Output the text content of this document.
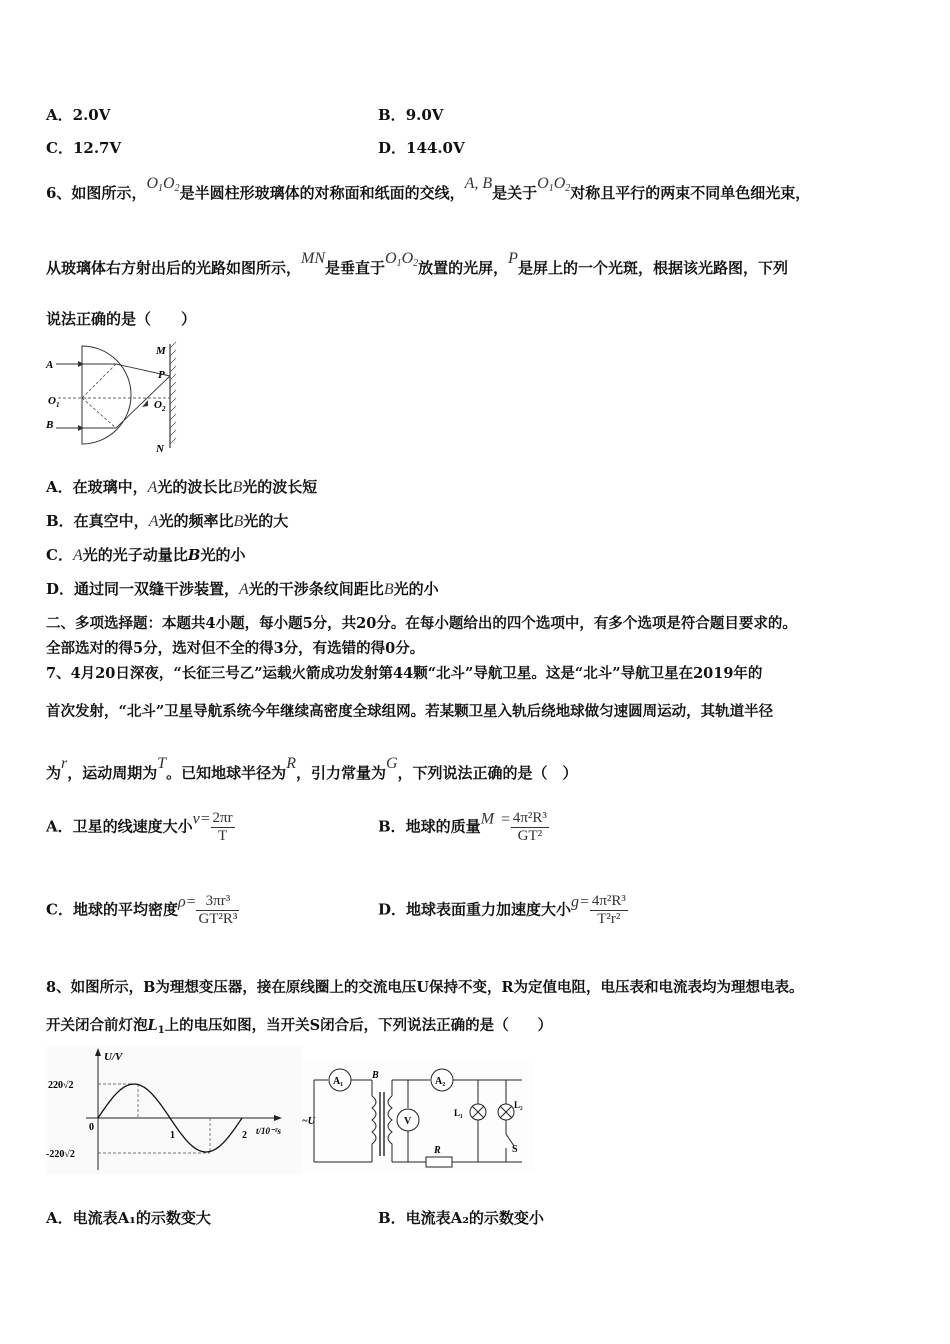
A．2.0V	B．9.0V
C．12.7V	D．144.0V
6、如图所示，$O_1O_2$是半圆柱形玻璃体的对称面和纸面的交线，A, B是关于$O_1O_2$对称且平行的两束不同单色细光束，
从玻璃体右方射出后的光路如图所示，MN是垂直于$O_1O_2$放置的光屏，P是屏上的一个光斑，根据该光路图，下列
说法正确的是（　　）
A
B
$O_1$
M
N
P
$O_2$
A．在玻璃中，A光的波长比B光的波长短
B．在真空中，A光的频率比B光的大
C．A光的光子动量比B光的小
D．通过同一双缝干涉装置，A光的干涉条纹间距比B光的小
二、多项选择题：本题共4小题，每小题5分，共20分。在每小题给出的四个选项中，有多个选项是符合题目要求的。
全部选对的得5分，选对但不全的得3分，有选错的得0分。
7、4月20日深夜，“长征三号乙”运载火箭成功发射第44颗“北斗”导航卫星。这是“北斗”导航卫星在2019年的
首次发射，“北斗”卫星导航系统今年继续高密度全球组网。若某颗卫星入轨后绕地球做匀速圆周运动，其轨道半径
为r，运动周期为T。已知地球半径为R，引力常量为G，下列说法正确的是（　）
A．卫星的线速度大小$v= \frac{2\pi r}{T}$	B．地球的质量$M = \frac{\text{4π²R³}}{\text{GT²}}$
C．地球的平均密度$\rho= \frac{\text{3πr³}}{\text{GT²R³}}$	D．地球表面重力加速度大小$g= \frac{\text{4π²R³}}{\text{T²r²}}$
8、如图所示，B为理想变压器，接在原线圈上的交流电压U保持不变，R为定值电阻，电压表和电流表均为理想电表。
开关闭合前灯泡$L_1$上的电压如图，当开关S闭合后，下列说法正确的是（　　）
U/V
220√2
-220√2
0
1	2 t/10⁻²s
A₁
B
~U
A₂
R
V
L₁
L₂
S
A．电流表A₁的示数变大	B．电流表A₂的示数变小
